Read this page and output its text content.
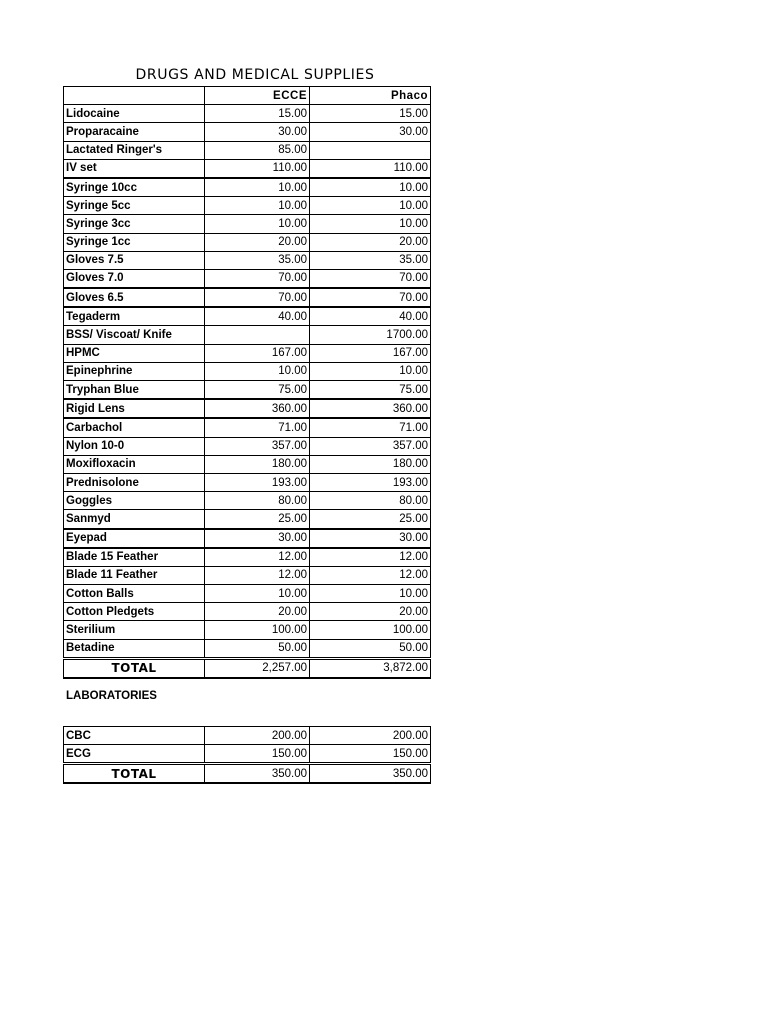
DRUGS AND MEDICAL SUPPLIES
	ECCE	Phaco
Lidocaine	15.00	15.00
Proparacaine	30.00	30.00
Lactated Ringer's	85.00	
IV set	110.00	110.00
Syringe 10cc	10.00	10.00
Syringe 5cc	10.00	10.00
Syringe 3cc	10.00	10.00
Syringe 1cc	20.00	20.00
Gloves 7.5	35.00	35.00
Gloves 7.0	70.00	70.00
Gloves 6.5	70.00	70.00
Tegaderm	40.00	40.00
BSS/ Viscoat/ Knife		1700.00
HPMC	167.00	167.00
Epinephrine	10.00	10.00
Tryphan Blue	75.00	75.00
Rigid Lens	360.00	360.00
Carbachol	71.00	71.00
Nylon 10-0	357.00	357.00
Moxifloxacin	180.00	180.00
Prednisolone	193.00	193.00
Goggles	80.00	80.00
Sanmyd	25.00	25.00
Eyepad	30.00	30.00
Blade 15 Feather	12.00	12.00
Blade 11 Feather	12.00	12.00
Cotton Balls	10.00	10.00
Cotton Pledgets	20.00	20.00
Sterilium	100.00	100.00
Betadine	50.00	50.00
TOTAL	2,257.00	3,872.00
LABORATORIES
CBC	200.00	200.00
ECG	150.00	150.00
TOTAL	350.00	350.00
